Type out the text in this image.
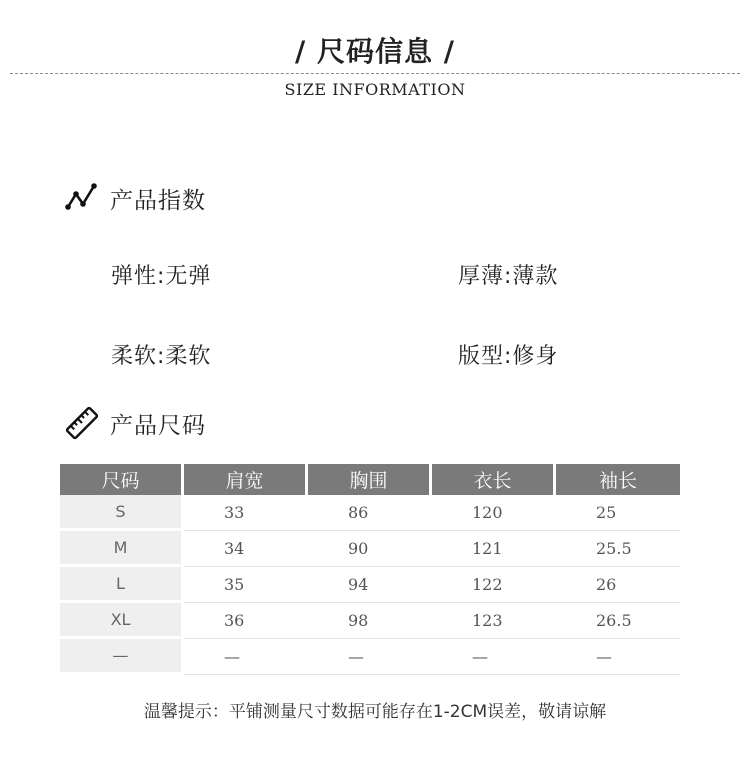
/ 尺码信息 /
SIZE INFORMATION
产品指数
弹性:无弹	厚薄:薄款
柔软:柔软	版型:修身
产品尺码
尺码	肩宽	胸围	衣长	袖长
S	33	86	120	25
M	34	90	121	25.5
L	35	94	122	26
XL	36	98	123	26.5
—	—	—	—	—
温馨提示：平铺测量尺寸数据可能存在1-2CM误差，敬请谅解
